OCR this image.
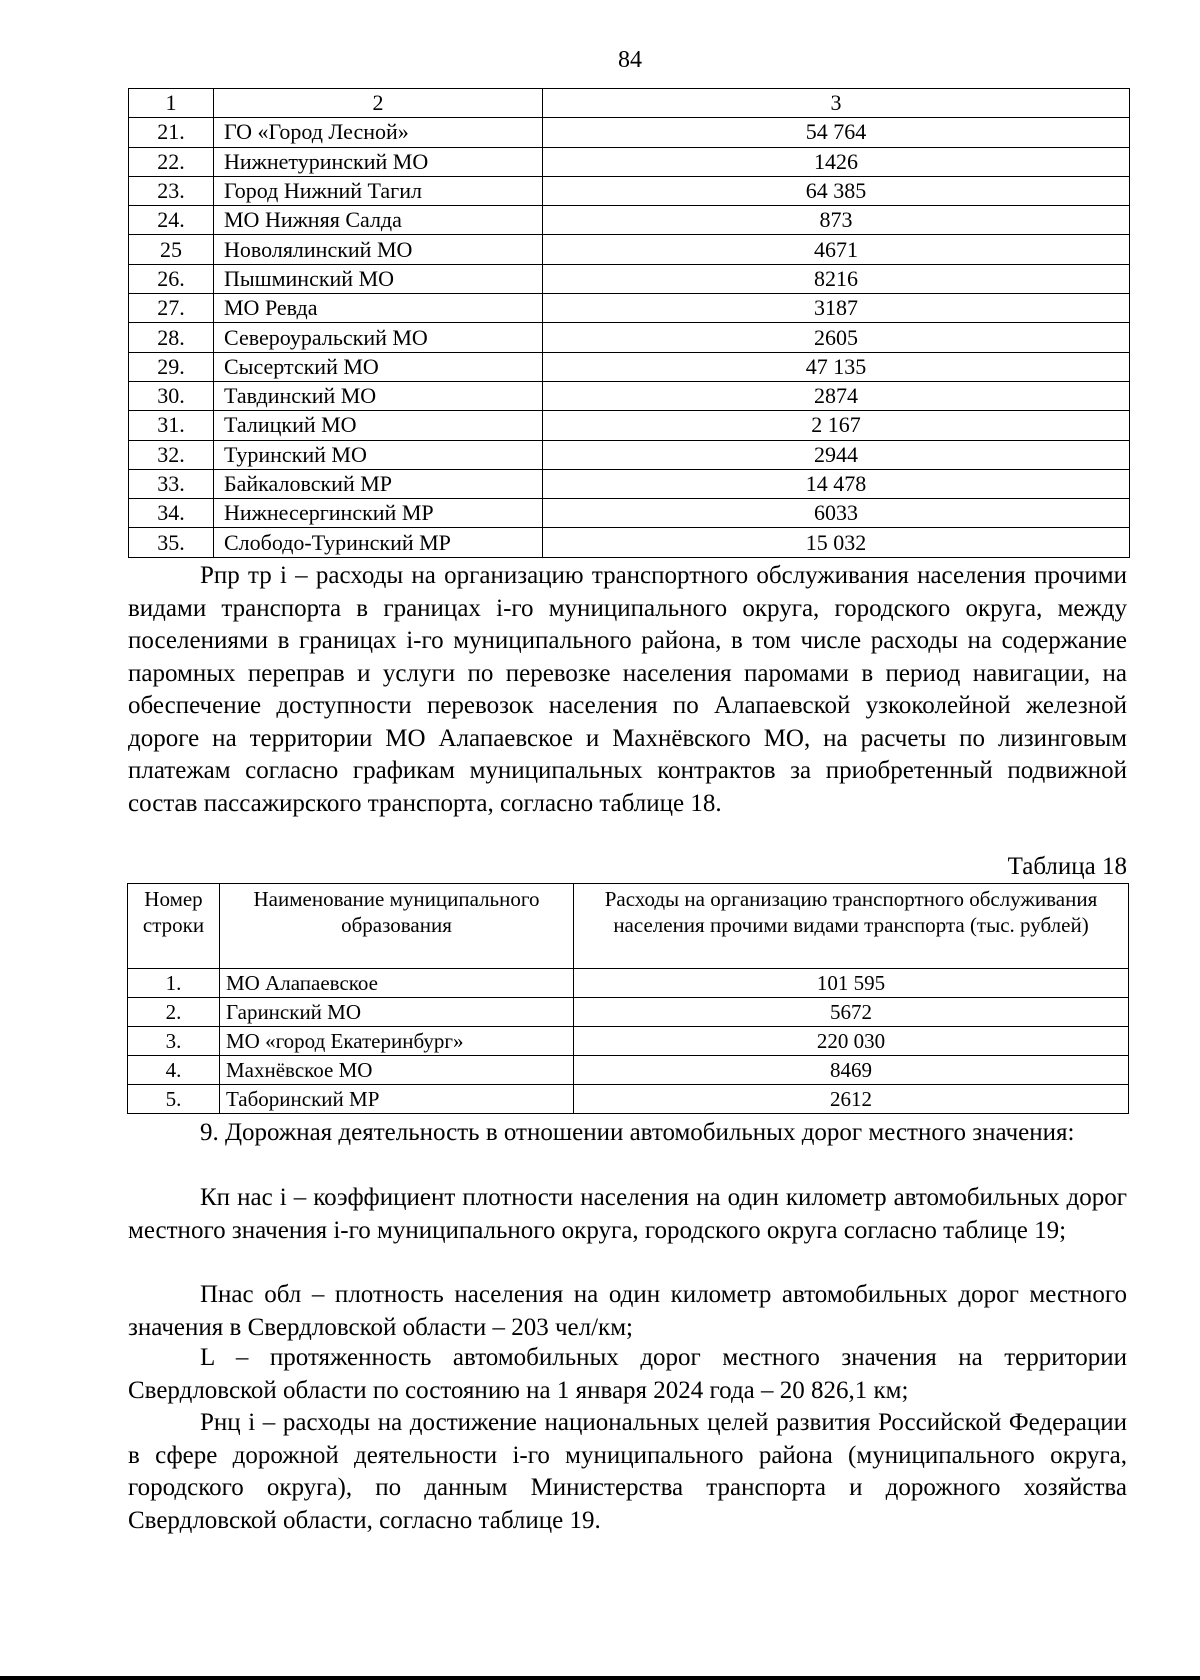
84
1	2	3
21.	ГО «Город Лесной»	54 764
22.	Нижнетуринский МО	1426
23.	Город Нижний Тагил	64 385
24.	МО Нижняя Салда	873
25	Новолялинский МО	4671
26.	Пышминский МО	8216
27.	МО Ревда	3187
28.	Североуральский МО	2605
29.	Сысертский МО	47 135
30.	Тавдинский МО	2874
31.	Талицкий МО	2 167
32.	Туринский МО	2944
33.	Байкаловский МР	14 478
34.	Нижнесергинский МР	6033
35.	Слободо-Туринский МР	15 032
Рпр тр i – расходы на организацию транспортного обслуживания населения прочими видами транспорта в границах i-го муниципального округа, городского округа, между поселениями в границах i-го муниципального района, в том числе расходы на содержание паромных переправ и услуги по перевозке населения паромами в период навигации, на обеспечение доступности перевозок населения по Алапаевской узкоколейной железной дороге на территории МО Алапаевское и Махнёвского МО, на расчеты по лизинговым платежам согласно графикам муниципальных контрактов за приобретенный подвижной состав пассажирского транспорта, согласно таблице 18.
Таблица 18
Номер строки	Наименование муниципального образования	Расходы на организацию транспортного обслуживания населения прочими видами транспорта (тыс. рублей)
1.	МО Алапаевское	101 595
2.	Гаринский МО	5672
3.	МО «город Екатеринбург»	220 030
4.	Махнёвское МО	8469
5.	Таборинский МР	2612
9. Дорожная деятельность в отношении автомобильных дорог местного значения:
Кп нас i – коэффициент плотности населения на один километр автомобильных дорог местного значения i-го муниципального округа, городского округа согласно таблице 19;
Пнас обл – плотность населения на один километр автомобильных дорог местного значения в Свердловской области – 203 чел/км;
L – протяженность автомобильных дорог местного значения на территории Свердловской области по состоянию на 1 января 2024 года – 20 826,1 км;
Рнц i – расходы на достижение национальных целей развития Российской Федерации в сфере дорожной деятельности i-го муниципального района (муниципального округа, городского округа), по данным Министерства транспорта и дорожного хозяйства Свердловской области, согласно таблице 19.
